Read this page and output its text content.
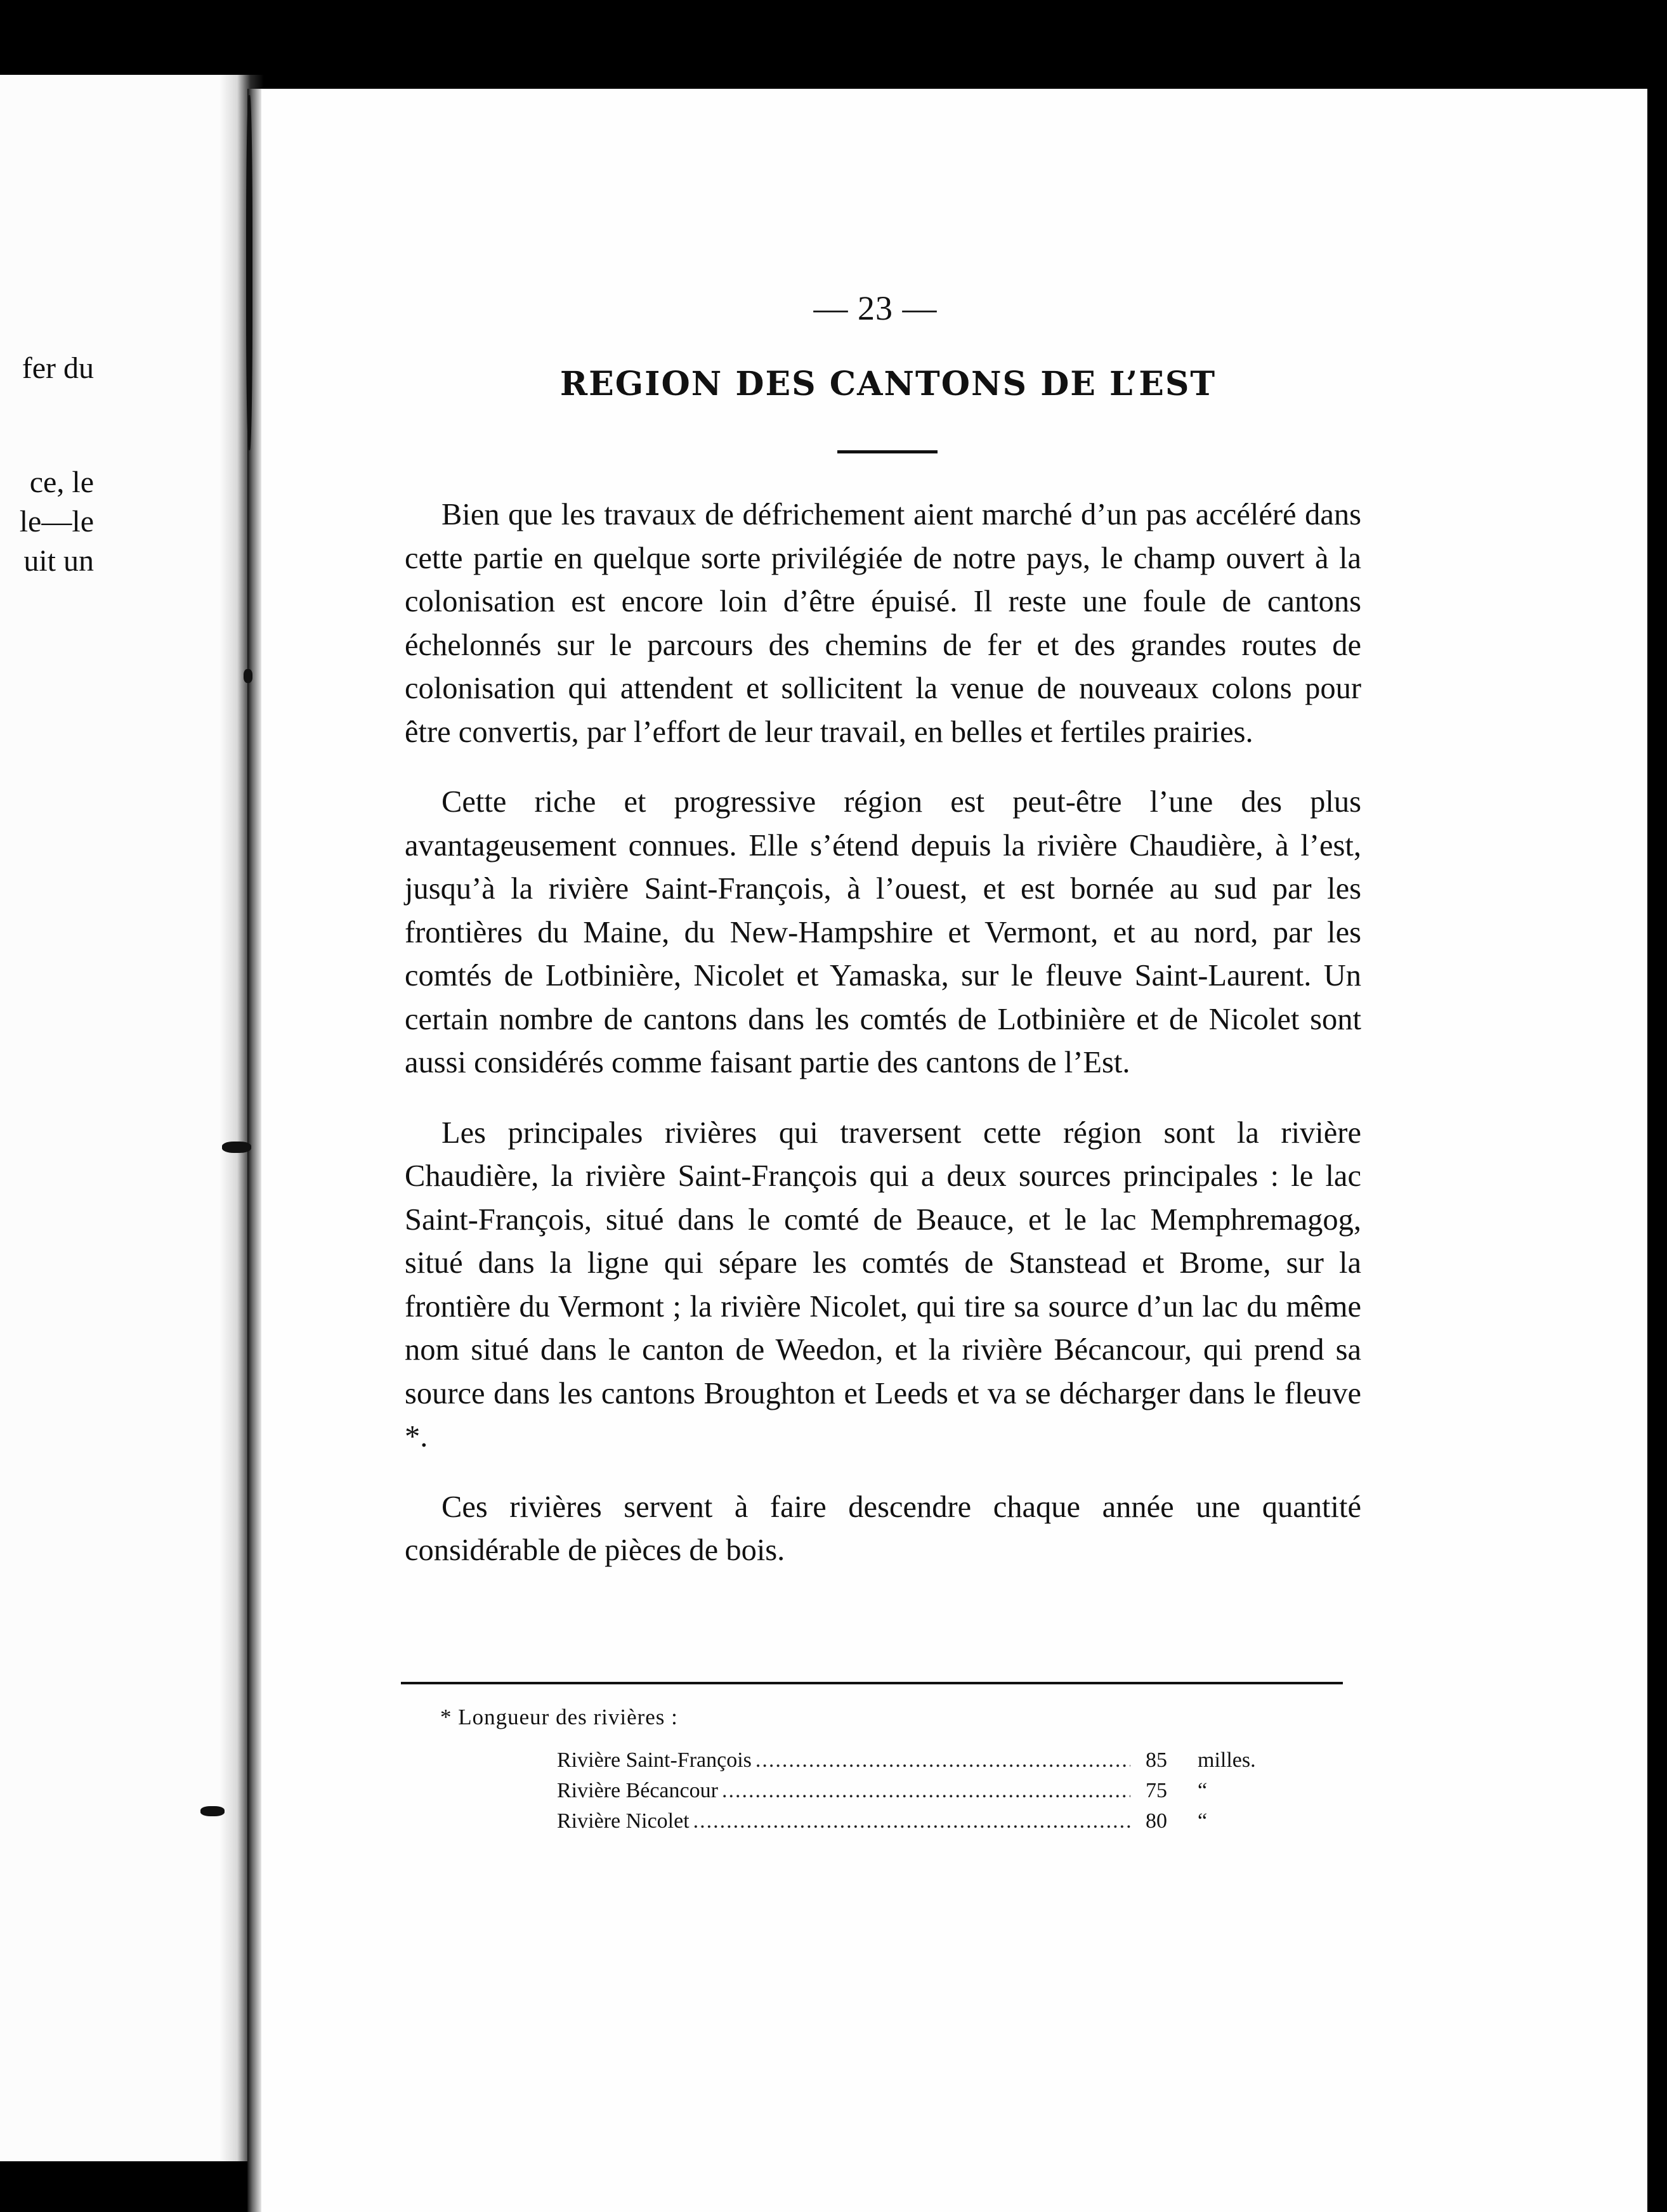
fer du
ce, le
le—le
uit un
— 23 —
REGION DES CANTONS DE L’EST

Bien que les travaux de défrichement aient marché d’un pas accéléré dans cette partie en quelque sorte privilégiée de notre pays, le champ ouvert à la colonisation est encore loin d’être épuisé. Il reste une foule de cantons échelonnés sur le parcours des chemins de fer et des grandes routes de colonisation qui attendent et sollicitent la venue de nouveaux colons pour être convertis, par l’effort de leur travail, en belles et fertiles prairies.

Cette riche et progressive région est peut-être l’une des plus avantageusement connues. Elle s’étend depuis la rivière Chaudière, à l’est, jusqu’à la rivière Saint-François, à l’ouest, et est bornée au sud par les frontières du Maine, du New-Hampshire et Vermont, et au nord, par les comtés de Lotbinière, Nicolet et Yamaska, sur le fleuve Saint-Laurent. Un certain nombre de cantons dans les comtés de Lotbinière et de Nicolet sont aussi considérés comme faisant partie des cantons de l’Est.

Les principales rivières qui traversent cette région sont la rivière Chaudière, la rivière Saint-François qui a deux sources principales : le lac Saint-François, situé dans le comté de Beauce, et le lac Memphremagog, situé dans la ligne qui sépare les comtés de Stanstead et Brome, sur la frontière du Vermont ; la rivière Nicolet, qui tire sa source d’un lac du même nom situé dans le canton de Weedon, et la rivière Bécancour, qui prend sa source dans les cantons Broughton et Leeds et va se décharger dans le fleuve *.

Ces rivières servent à faire descendre chaque année une quantité considérable de pièces de bois.

* Longueur des rivières :
Rivière Saint-François .....	85	milles.
Rivière Bécancour .....	75	“
Rivière Nicolet .....	80	“
